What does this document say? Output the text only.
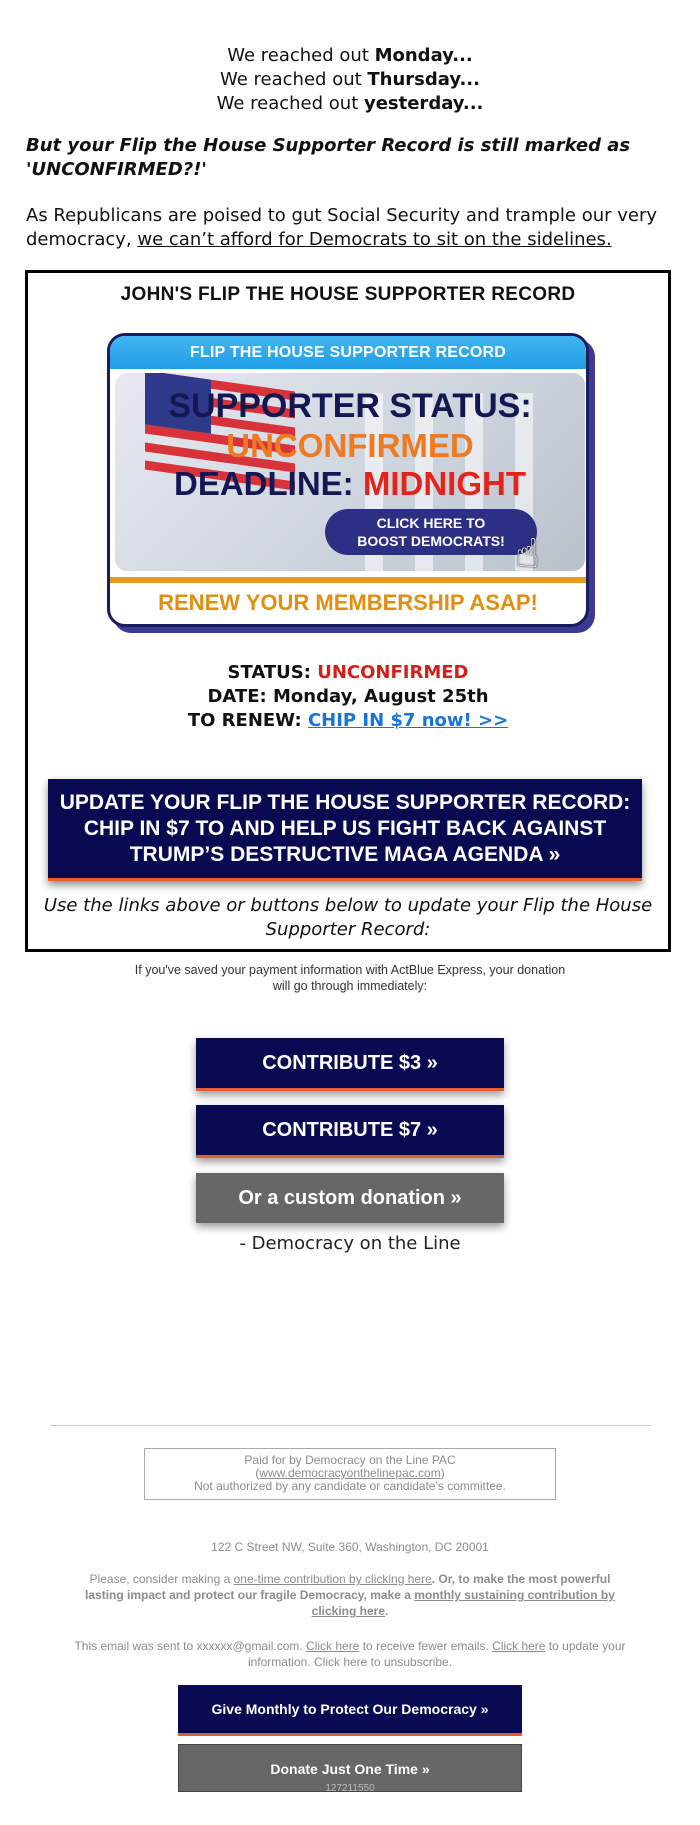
We reached out Monday...
We reached out Thursday...
We reached out yesterday...
But your Flip the House Supporter Record is still marked as 'UNCONFIRMED?!'
As Republicans are poised to gut Social Security and trample our very democracy, we can’t afford for Democrats to sit on the sidelines.
JOHN'S FLIP THE HOUSE SUPPORTER RECORD
FLIP THE HOUSE SUPPORTER RECORD
SUPPORTER STATUS:
UNCONFIRMED
DEADLINE: MIDNIGHT
CLICK HERE TO
BOOST DEMOCRATS! ☝
RENEW YOUR MEMBERSHIP ASAP!
STATUS: UNCONFIRMED
DATE: Monday, August 25th
TO RENEW: CHIP IN $7 now! >>
UPDATE YOUR FLIP THE HOUSE SUPPORTER RECORD:
CHIP IN $7 TO AND HELP US FIGHT BACK AGAINST
TRUMP’S DESTRUCTIVE MAGA AGENDA »
Use the links above or buttons below to update your Flip the House Supporter Record:
If you've saved your payment information with ActBlue Express, your donation
will go through immediately:
CONTRIBUTE $3 »
CONTRIBUTE $7 »
Or a custom donation »
- Democracy on the Line
Paid for by Democracy on the Line PAC
(www.democracyonthelinepac.com)
Not authorized by any candidate or candidate's committee.
122 C Street NW, Suite 360, Washington, DC 20001
Please, consider making a one-time contribution by clicking here. Or, to make the most powerful lasting impact and protect our fragile Democracy, make a monthly sustaining contribution by clicking here.
This email was sent to xxxxxx@gmail.com. Click here to receive fewer emails. Click here to update your information. Click here to unsubscribe.
Give Monthly to Protect Our Democracy »
Donate Just One Time »
127211550
